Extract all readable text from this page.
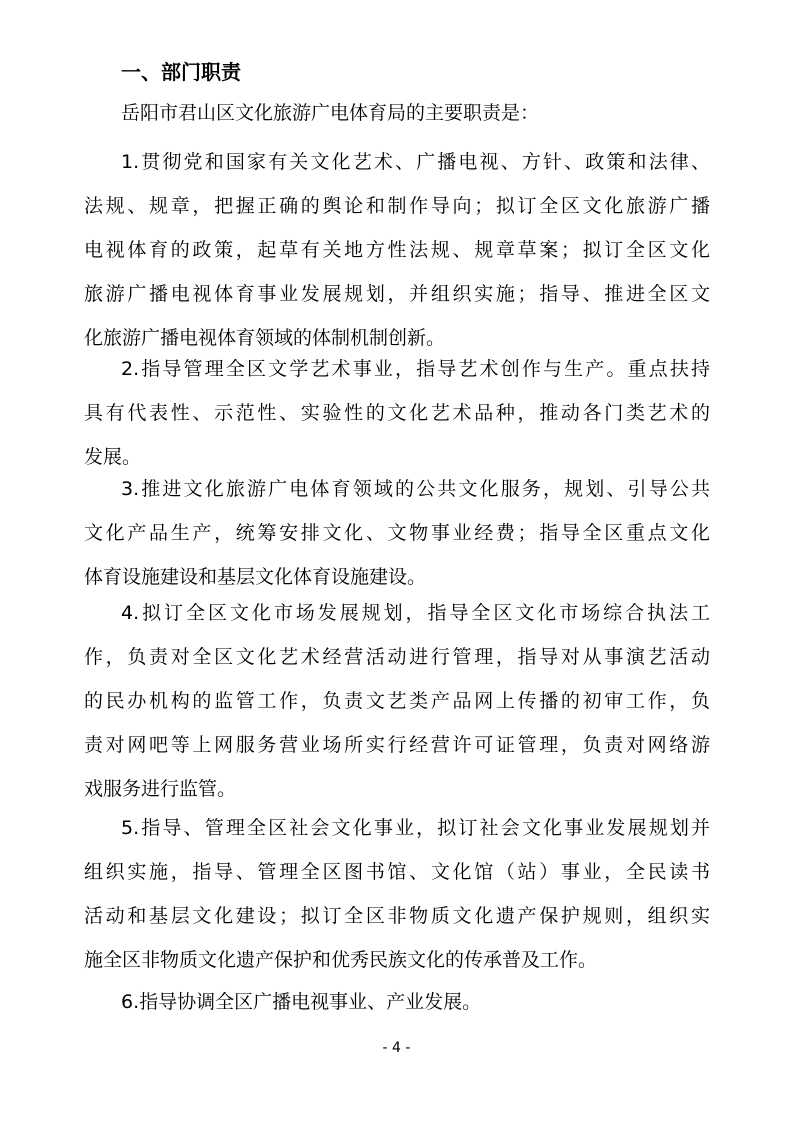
一、部门职责
岳阳市君山区文化旅游广电体育局的主要职责是：
1.贯彻党和国家有关文化艺术、广播电视、方针、政策和法律、
法规、规章，把握正确的舆论和制作导向；拟订全区文化旅游广播
电视体育的政策，起草有关地方性法规、规章草案；拟订全区文化
旅游广播电视体育事业发展规划，并组织实施；指导、推进全区文
化旅游广播电视体育领域的体制机制创新。
2.指导管理全区文学艺术事业，指导艺术创作与生产。重点扶持
具有代表性、示范性、实验性的文化艺术品种，推动各门类艺术的
发展。
3.推进文化旅游广电体育领域的公共文化服务，规划、引导公共
文化产品生产，统筹安排文化、文物事业经费；指导全区重点文化
体育设施建设和基层文化体育设施建设。
4.拟订全区文化市场发展规划，指导全区文化市场综合执法工
作，负责对全区文化艺术经营活动进行管理，指导对从事演艺活动
的民办机构的监管工作，负责文艺类产品网上传播的初审工作，负
责对网吧等上网服务营业场所实行经营许可证管理，负责对网络游
戏服务进行监管。
5.指导、管理全区社会文化事业，拟订社会文化事业发展规划并
组织实施，指导、管理全区图书馆、文化馆（站）事业，全民读书
活动和基层文化建设；拟订全区非物质文化遗产保护规则，组织实
施全区非物质文化遗产保护和优秀民族文化的传承普及工作。
6.指导协调全区广播电视事业、产业发展。
- 4 -
